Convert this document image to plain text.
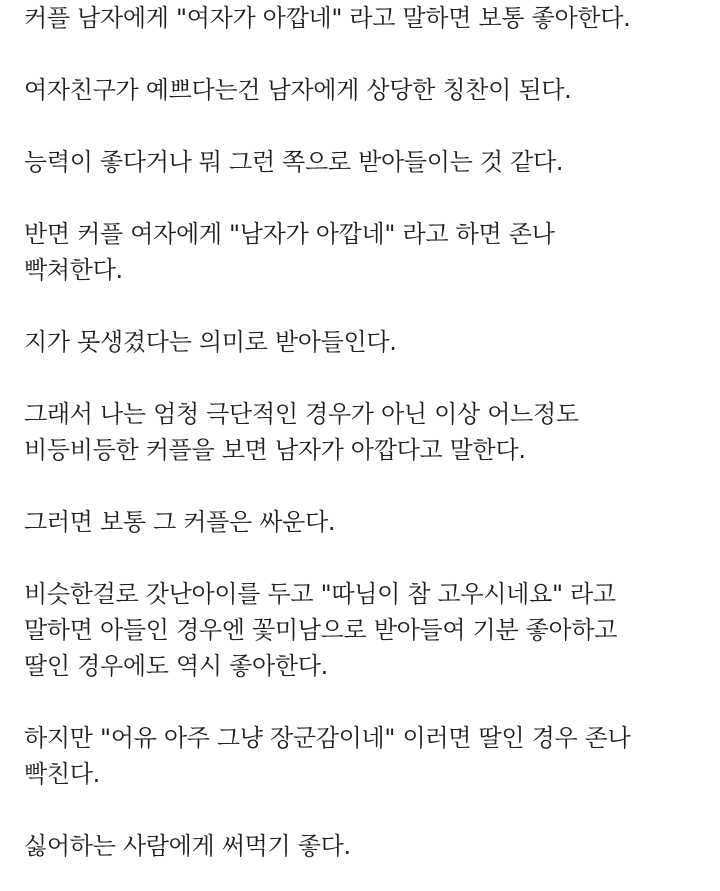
커플 남자에게 "여자가 아깝네" 라고 말하면 보통 좋아한다.
여자친구가 예쁘다는건 남자에게 상당한 칭찬이 된다.
능력이 좋다거나 뭐 그런 쪽으로 받아들이는 것 같다.
반면 커플 여자에게 "남자가 아깝네" 라고 하면 존나
빡쳐한다.
지가 못생겼다는 의미로 받아들인다.
그래서 나는 엄청 극단적인 경우가 아닌 이상 어느정도
비등비등한 커플을 보면 남자가 아깝다고 말한다.
그러면 보통 그 커플은 싸운다.
비슷한걸로 갓난아이를 두고 "따님이 참 고우시네요" 라고
말하면 아들인 경우엔 꽃미남으로 받아들여 기분 좋아하고
딸인 경우에도 역시 좋아한다.
하지만 "어유 아주 그냥 장군감이네" 이러면 딸인 경우 존나
빡친다.
싫어하는 사람에게 써먹기 좋다.
